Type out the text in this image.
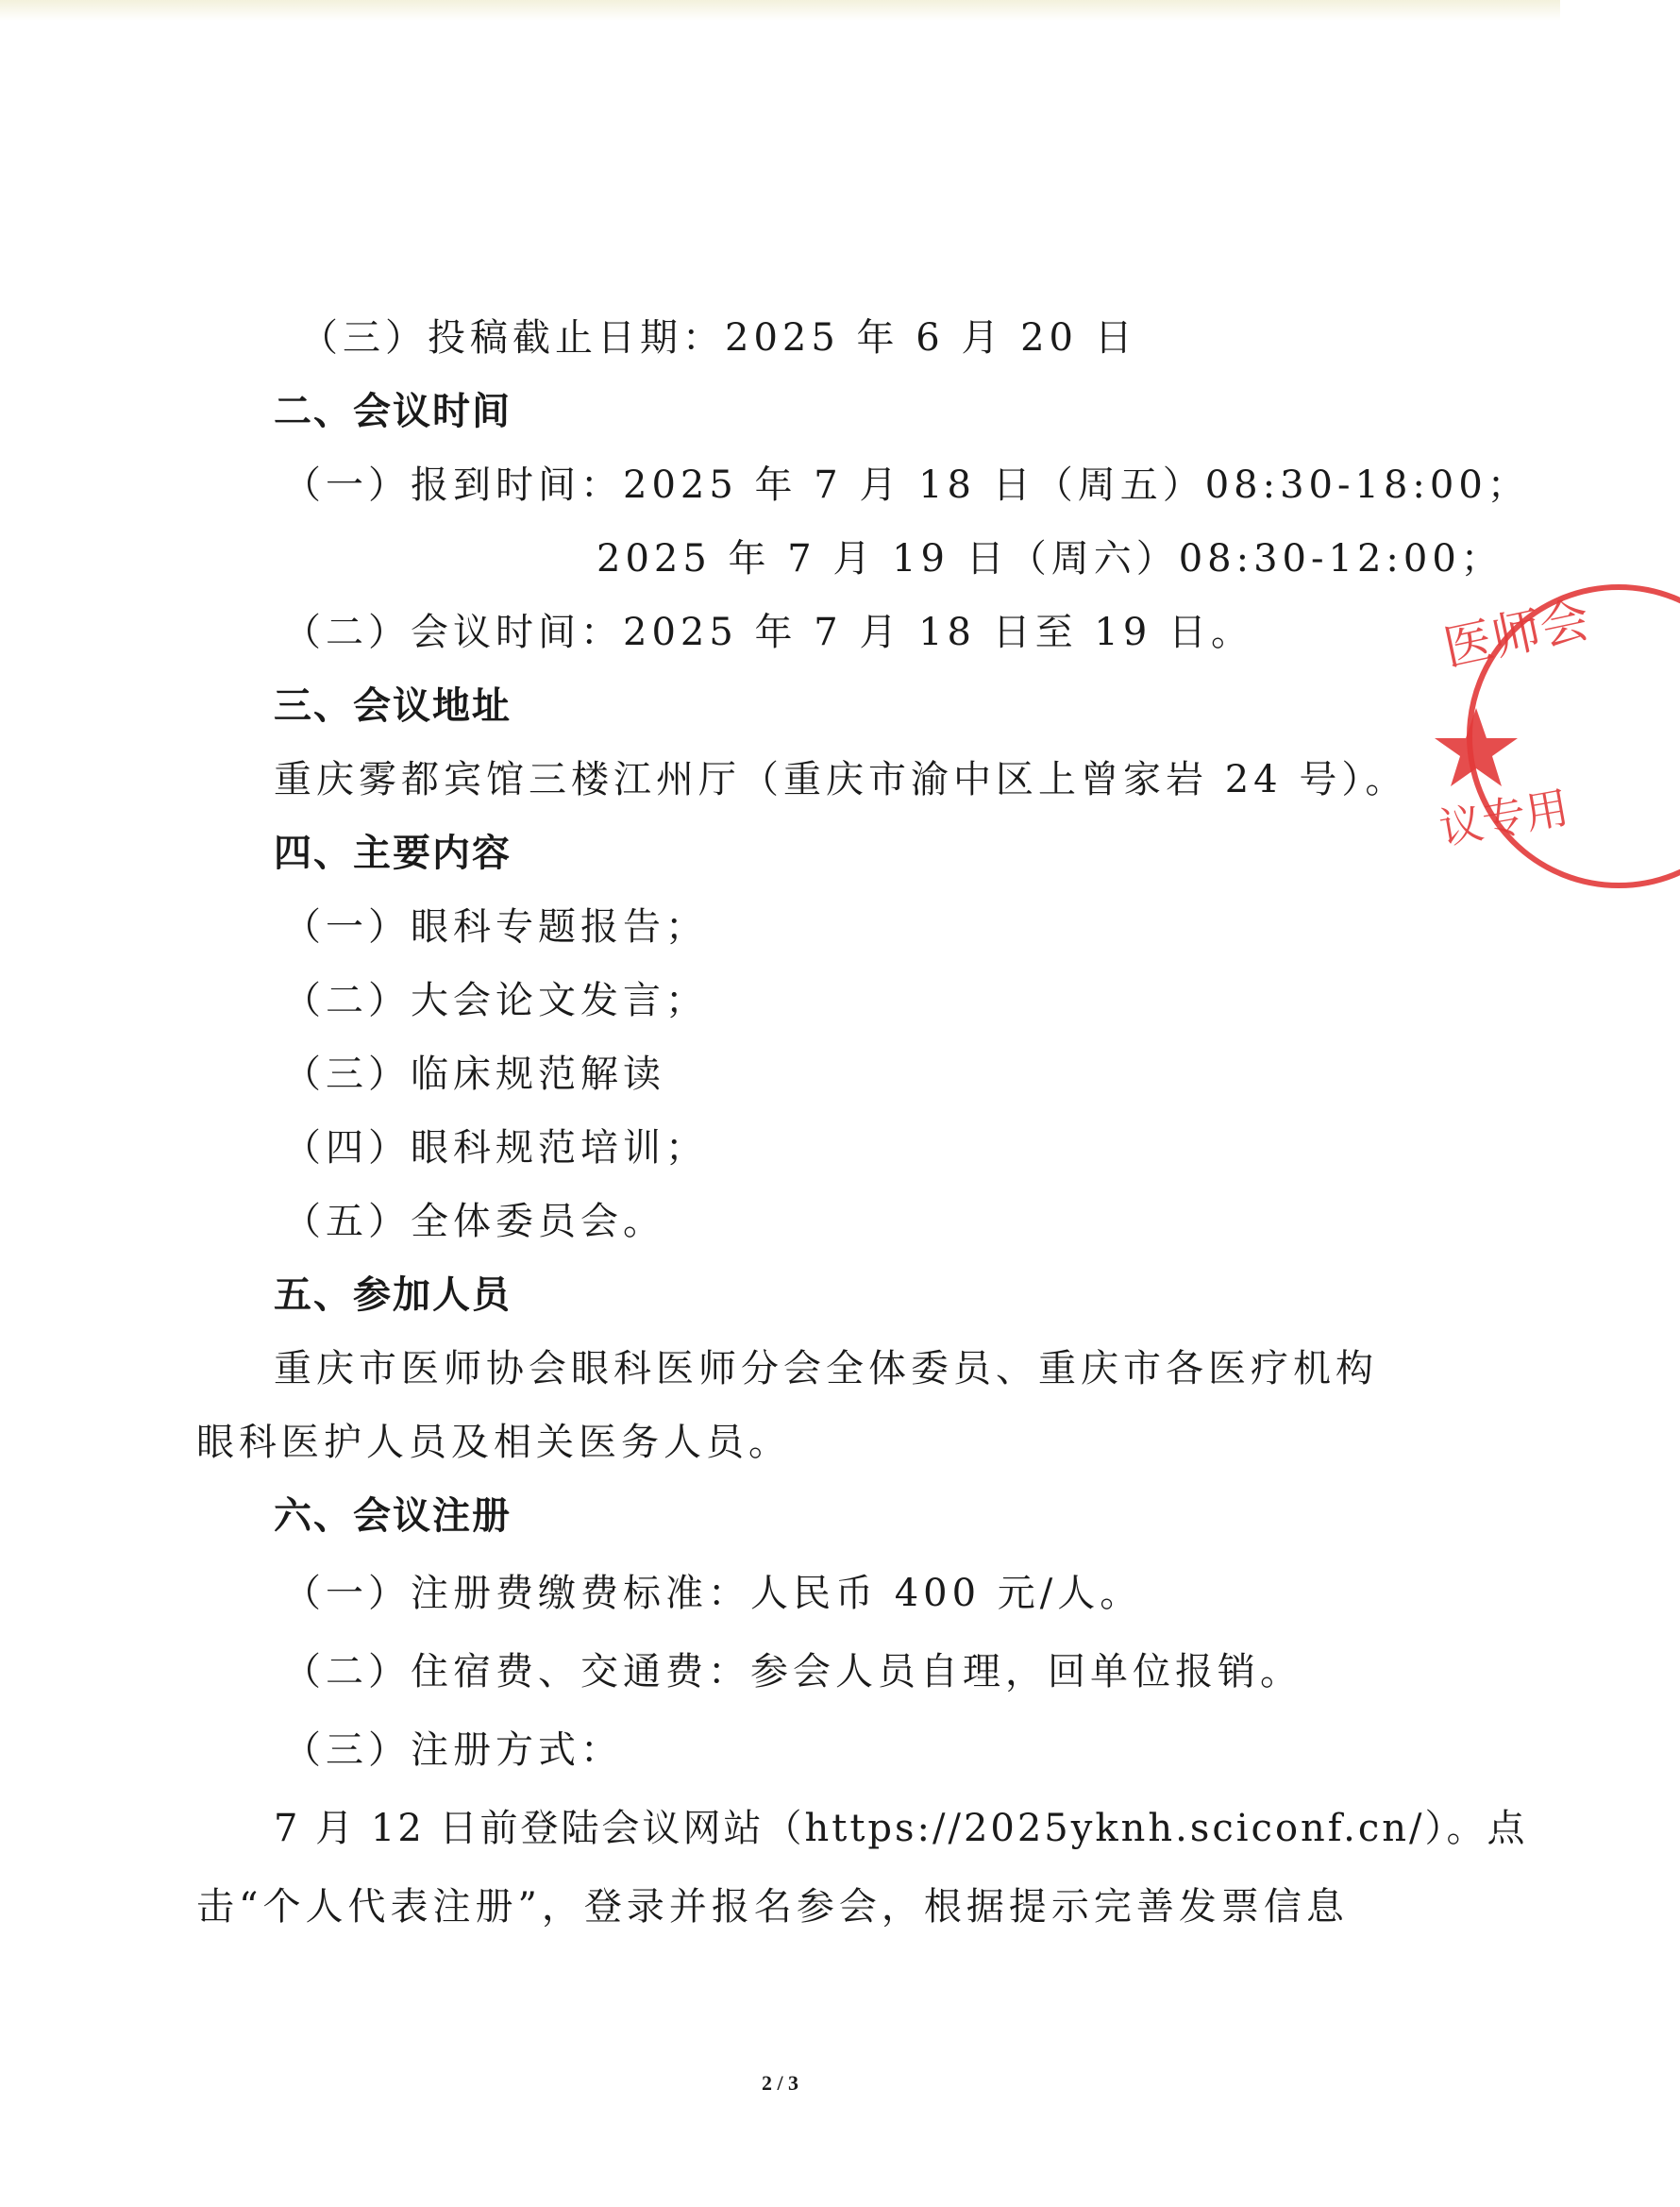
（三）投稿截止日期：2025 年 6 月 20 日
二、会议时间
（一）报到时间：2025 年 7 月 18 日（周五）08:30-18:00；
2025 年 7 月 19 日（周六）08:30-12:00；
（二）会议时间：2025 年 7 月 18 日至 19 日。
三、会议地址
重庆雾都宾馆三楼江州厅（重庆市渝中区上曾家岩 24 号）。
四、主要内容
（一）眼科专题报告；
（二）大会论文发言；
（三）临床规范解读
（四）眼科规范培训；
（五）全体委员会。
五、参加人员
重庆市医师协会眼科医师分会全体委员、重庆市各医疗机构
眼科医护人员及相关医务人员。
六、会议注册
（一）注册费缴费标准：人民币 400 元/人。
（二）住宿费、交通费：参会人员自理，回单位报销。
（三）注册方式：
7 月 12 日前登陆会议网站（https://2025yknh.sciconf.cn/）。点
击“个人代表注册”，登录并报名参会，根据提示完善发票信息
2 / 3
医师会
议专用
